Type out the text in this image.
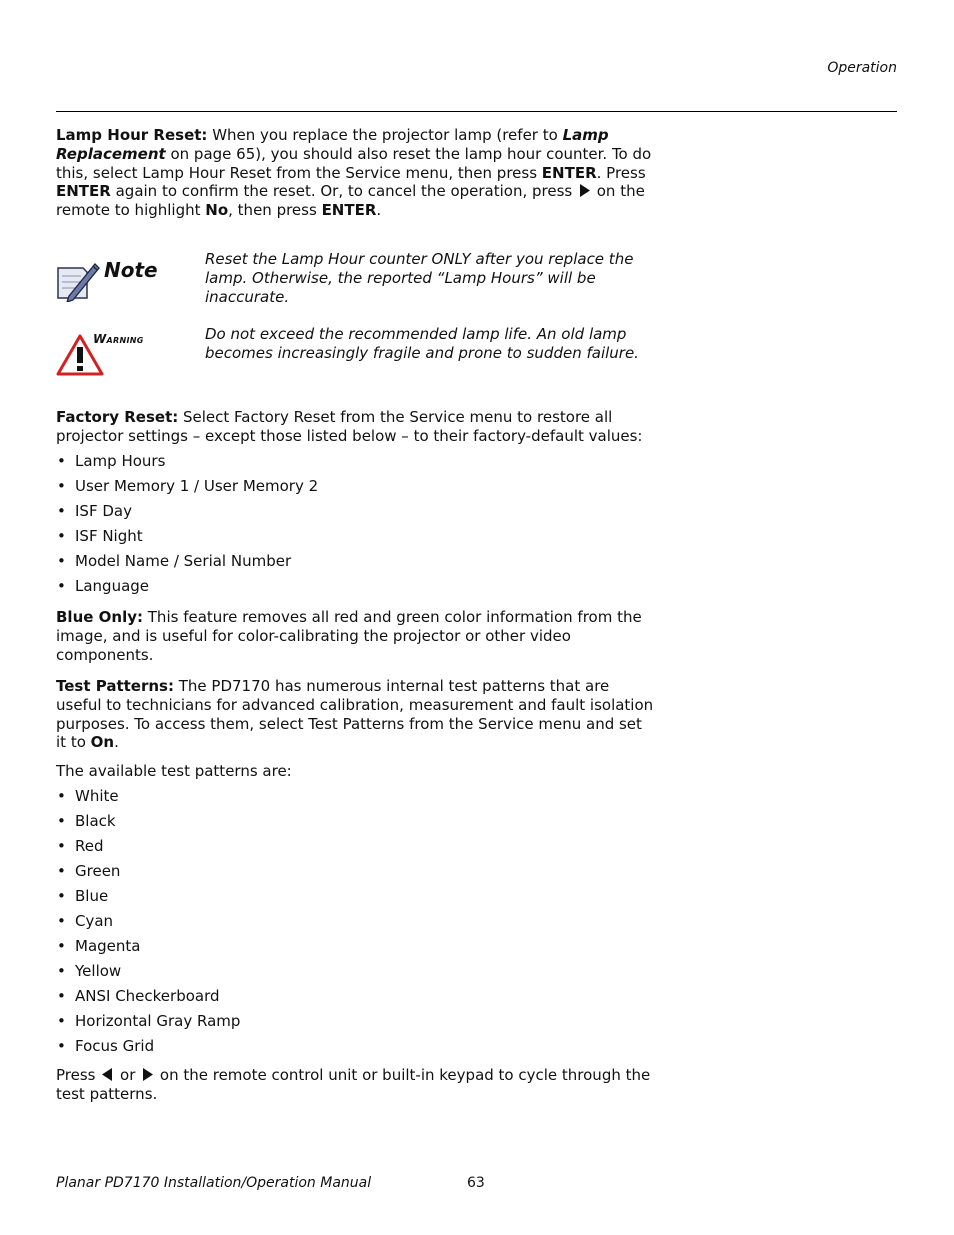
Operation
Lamp Hour Reset: When you replace the projector lamp (refer to Lamp Replacement on page 65), you should also reset the lamp hour counter. To do this, select Lamp Hour Reset from the Service menu, then press ENTER. Press ENTER again to confirm the reset. Or, to cancel the operation, press  on the remote to highlight No, then press ENTER.
Note	Reset the Lamp Hour counter ONLY after you replace the lamp. Otherwise, the reported “Lamp Hours” will be inaccurate.
Warning	Do not exceed the recommended lamp life. An old lamp becomes increasingly fragile and prone to sudden failure.
Factory Reset: Select Factory Reset from the Service menu to restore all projector settings – except those listed below – to their factory-default values:
• Lamp Hours
• User Memory 1 / User Memory 2
• ISF Day
• ISF Night
• Model Name / Serial Number
• Language
Blue Only: This feature removes all red and green color information from the image, and is useful for color-calibrating the projector or other video components.
Test Patterns: The PD7170 has numerous internal test patterns that are useful to technicians for advanced calibration, measurement and fault isolation purposes. To access them, select Test Patterns from the Service menu and set it to On.
The available test patterns are:
• White
• Black
• Red
• Green
• Blue
• Cyan
• Magenta
• Yellow
• ANSI Checkerboard
• Horizontal Gray Ramp
• Focus Grid
Press  or  on the remote control unit or built-in keypad to cycle through the test patterns.
Planar PD7170 Installation/Operation Manual	63
